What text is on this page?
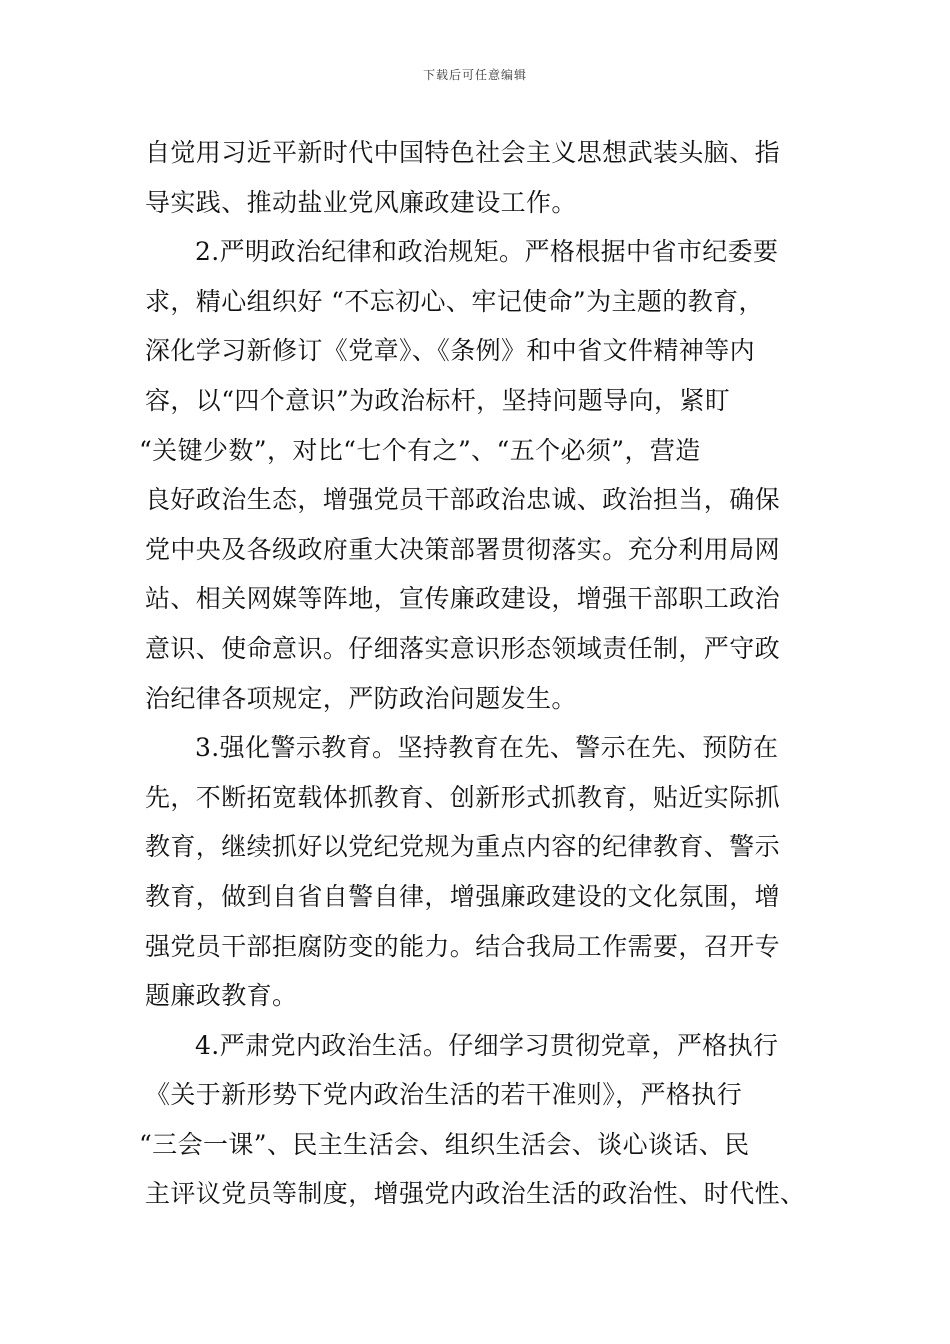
下载后可任意编辑
自觉用习近平新时代中国特色社会主义思想武装头脑、指
导实践、推动盐业党风廉政建设工作。
2.严明政治纪律和政治规矩。严格根据中省市纪委要
求，精心组织好 “不忘初心、牢记使命”为主题的教育，
深化学习新修订《党章》、《条例》和中省文件精神等内
容，以“四个意识”为政治标杆，坚持问题导向，紧盯
“关键少数”，对比“七个有之”、“五个必须”，营造
良好政治生态，增强党员干部政治忠诚、政治担当，确保
党中央及各级政府重大决策部署贯彻落实。充分利用局网
站、相关网媒等阵地，宣传廉政建设，增强干部职工政治
意识、使命意识。仔细落实意识形态领域责任制，严守政
治纪律各项规定，严防政治问题发生。
3.强化警示教育。坚持教育在先、警示在先、预防在
先，不断拓宽载体抓教育、创新形式抓教育，贴近实际抓
教育，继续抓好以党纪党规为重点内容的纪律教育、警示
教育，做到自省自警自律，增强廉政建设的文化氛围，增
强党员干部拒腐防变的能力。结合我局工作需要，召开专
题廉政教育。
4.严肃党内政治生活。仔细学习贯彻党章，严格执行
《关于新形势下党内政治生活的若干准则》，严格执行
“三会一课”、民主生活会、组织生活会、谈心谈话、民
主评议党员等制度，增强党内政治生活的政治性、时代性、
